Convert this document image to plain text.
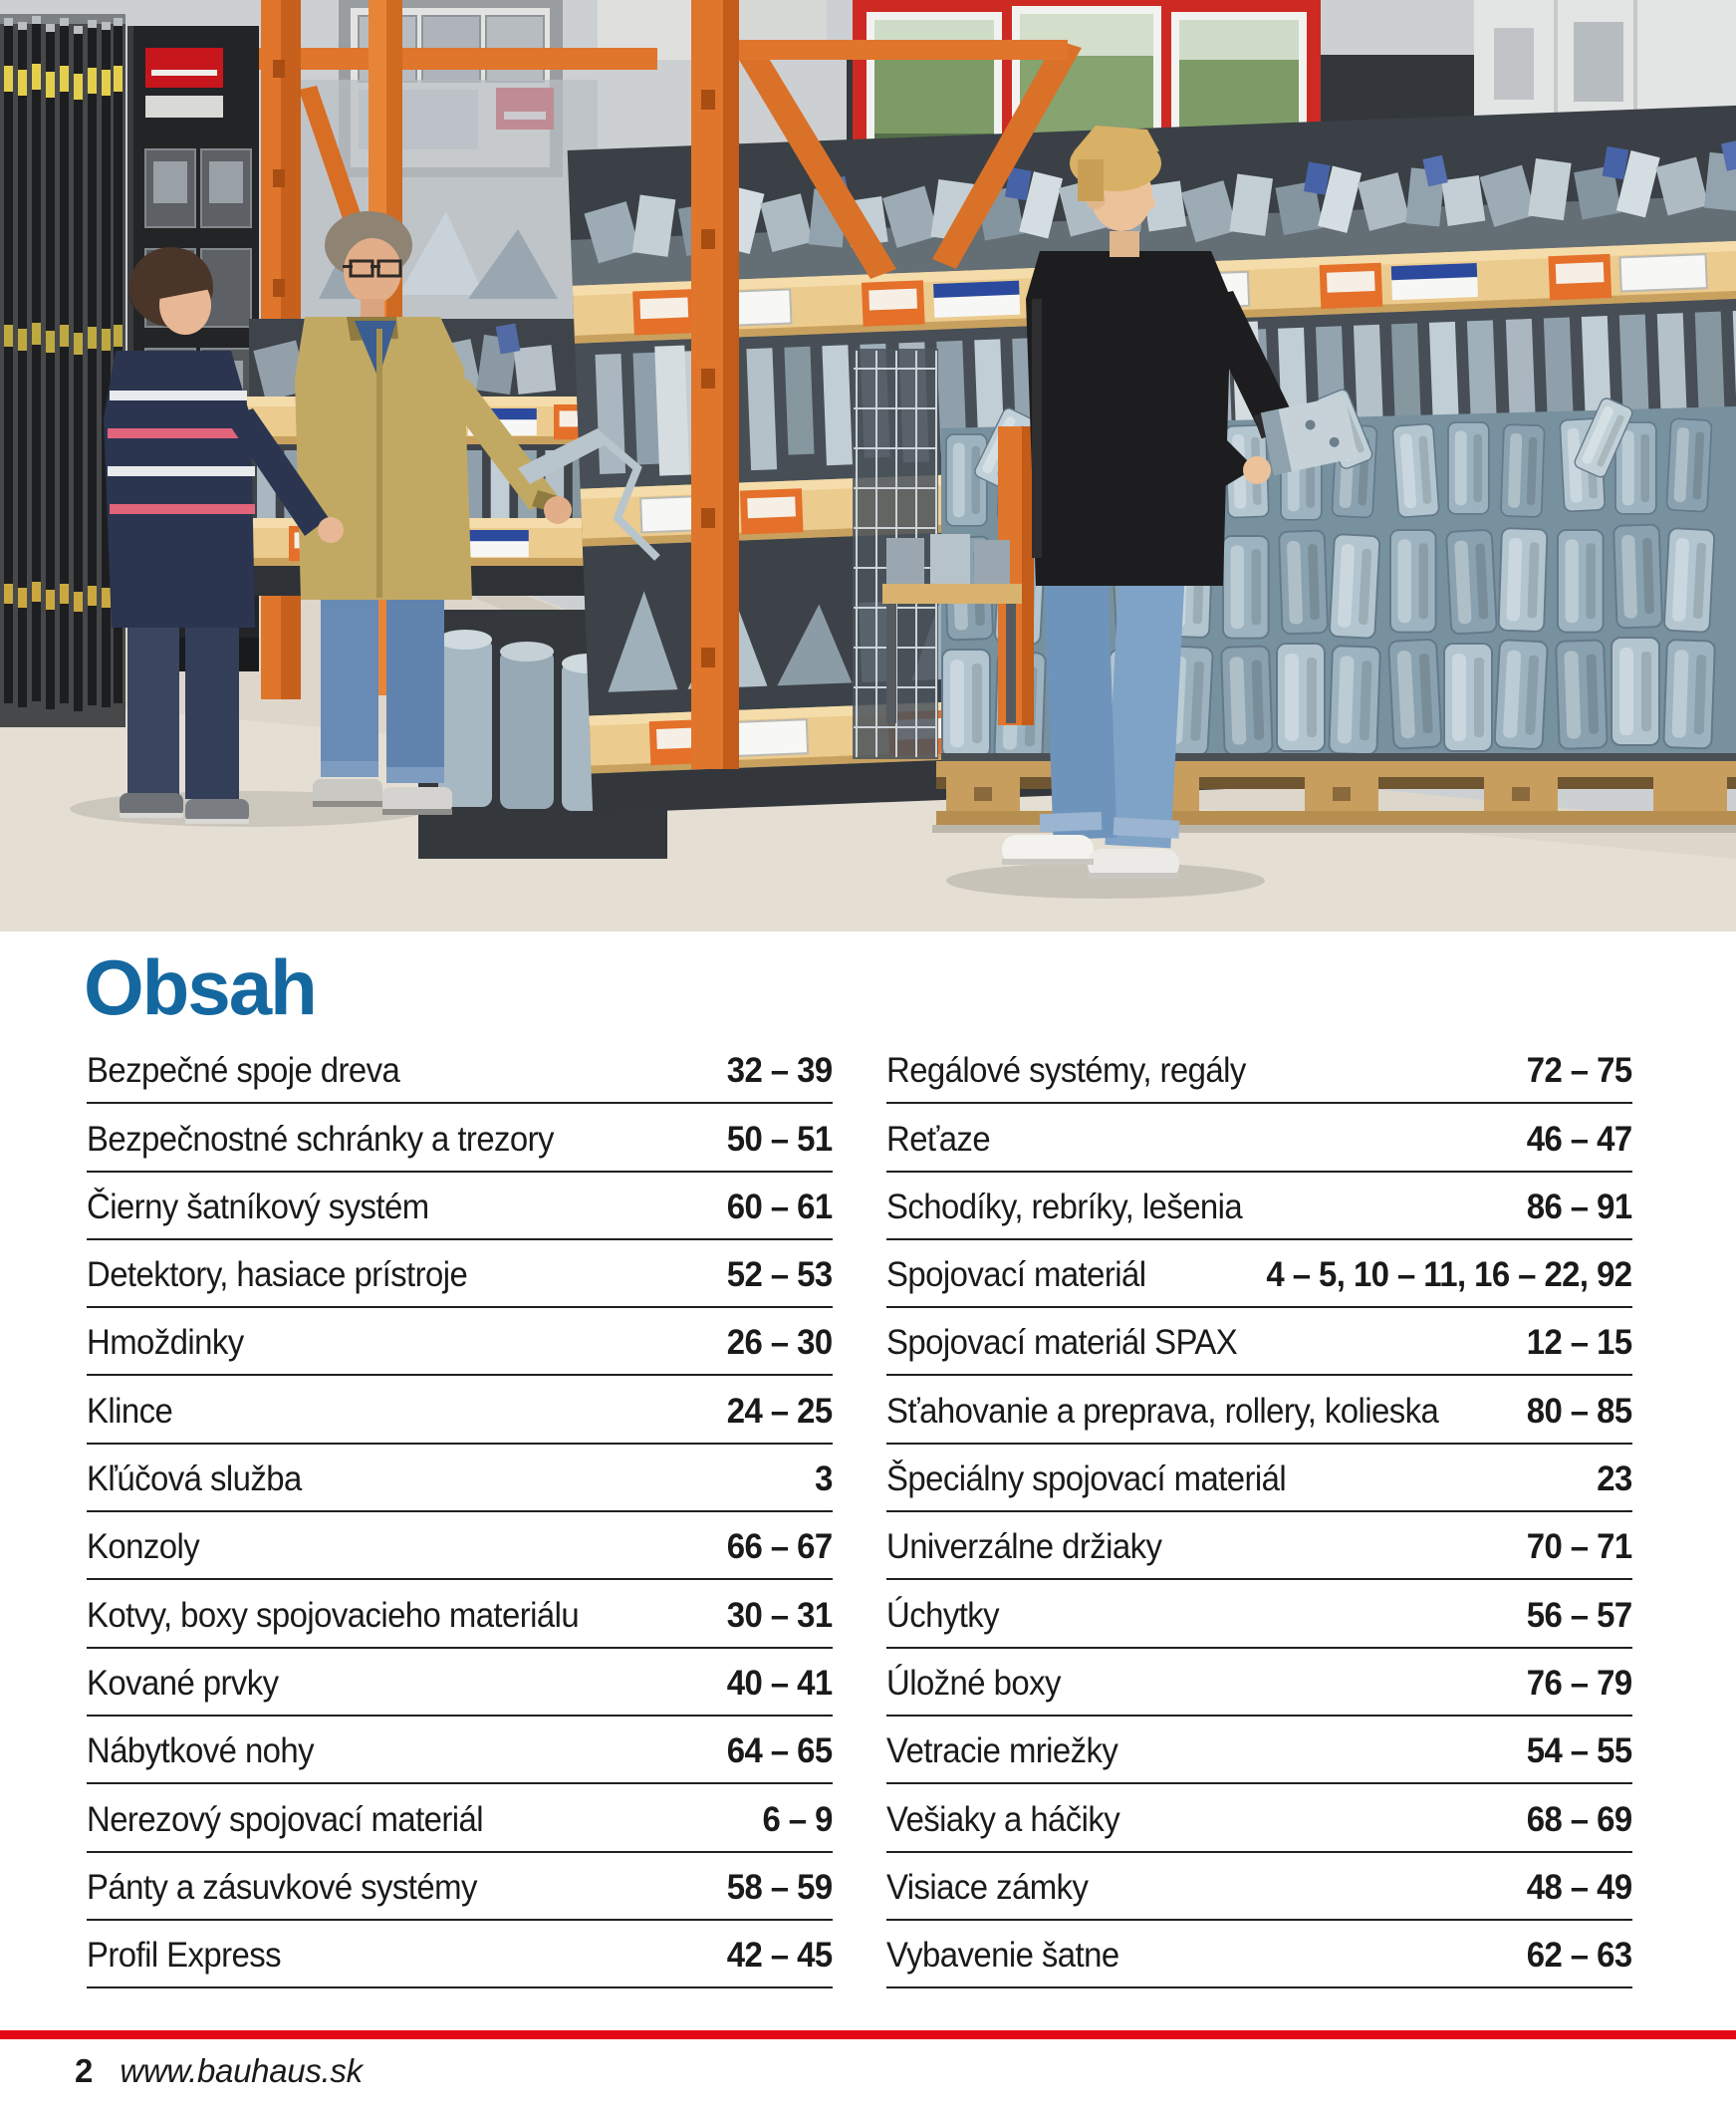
Obsah
Bezpečné spoje dreva	32 – 39
Bezpečnostné schránky a trezory	50 – 51
Čierny šatníkový systém	60 – 61
Detektory, hasiace prístroje	52 – 53
Hmoždinky	26 – 30
Klince	24 – 25
Kľúčová služba	3
Konzoly	66 – 67
Kotvy, boxy spojovacieho materiálu	30 – 31
Kované prvky	40 – 41
Nábytkové nohy	64 – 65
Nerezový spojovací materiál	6 – 9
Pánty a zásuvkové systémy	58 – 59
Profil Express	42 – 45
Regálové systémy, regály	72 – 75
Reťaze	46 – 47
Schodíky, rebríky, lešenia	86 – 91
Spojovací materiál	4 – 5, 10 – 11, 16 – 22, 92
Spojovací materiál SPAX	12 – 15
Sťahovanie a preprava, rollery, kolieska	80 – 85
Špeciálny spojovací materiál	23
Univerzálne držiaky	70 – 71
Úchytky	56 – 57
Úložné boxy	76 – 79
Vetracie mriežky	54 – 55
Vešiaky a háčiky	68 – 69
Visiace zámky	48 – 49
Vybavenie šatne	62 – 63
2 www.bauhaus.sk
